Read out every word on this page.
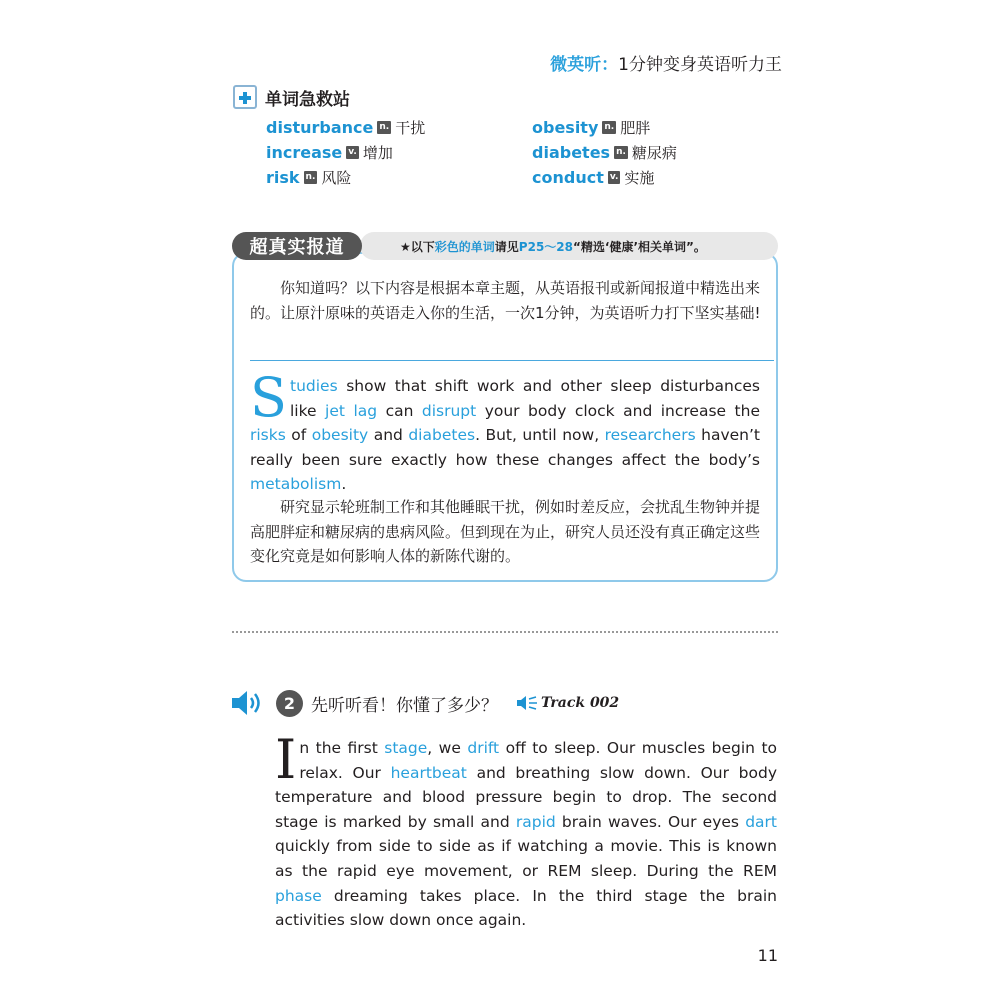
微英听：1分钟变身英语听力王
单词急救站
disturbance n. 干扰
increase v. 增加
risk n. 风险
obesity n. 肥胖
diabetes n. 糖尿病
conduct v. 实施
★以下 彩色的单词 请见 P25～28 “精选‘健康’相关单词”。
超真实报道
你知道吗？以下内容是根据本章主题，从英语报刊或新闻报道中精选出来的。让原汁原味的英语走入你的生活，一次1分钟，为英语听力打下坚实基础!
Studies show that shift work and other sleep disturbances like jet lag can disrupt your body clock and increase the risks of obesity and diabetes. But, until now, researchers haven’t really been sure exactly how these changes affect the body’s metabolism.
研究显示轮班制工作和其他睡眠干扰，例如时差反应，会扰乱生物钟并提高肥胖症和糖尿病的患病风险。但到现在为止，研究人员还没有真正确定这些变化究竟是如何影响人体的新陈代谢的。
2 先听听看！你懂了多少？	Track 002
In the first stage, we drift off to sleep. Our muscles begin to relax. Our heartbeat and breathing slow down. Our body temperature and blood pressure begin to drop. The second stage is marked by small and rapid brain waves. Our eyes dart quickly from side to side as if watching a movie. This is known as the rapid eye movement, or REM sleep. During the REM phase dreaming takes place. In the third stage the brain activities slow down once again.
11
